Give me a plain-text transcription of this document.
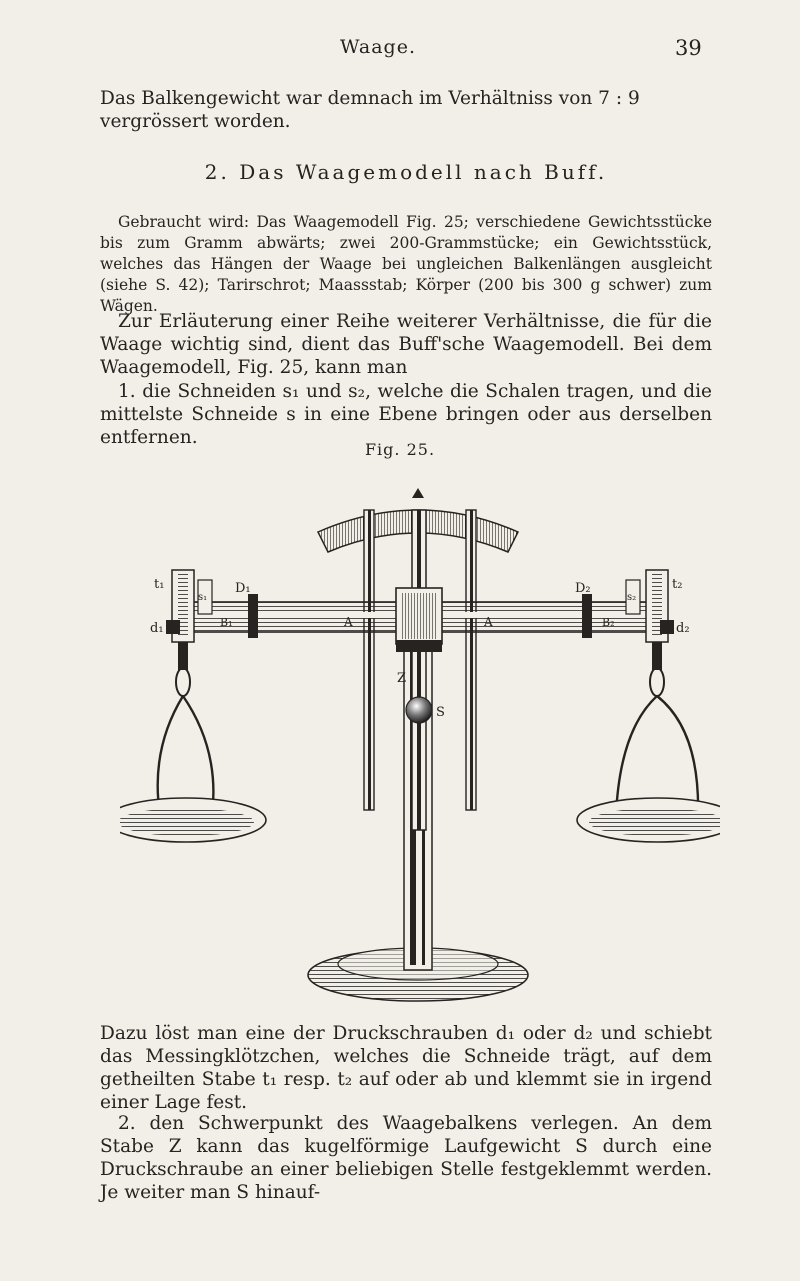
Waage.	39

Das Balkengewicht war demnach im Verhältniss von 7 : 9 vergrössert worden.

2. Das Waagemodell nach Buff.

Gebraucht wird: Das Waagemodell Fig. 25; verschiedene Gewichtsstücke bis zum Gramm abwärts; zwei 200-Grammstücke; ein Gewichtsstück, welches das Hängen der Waage bei ungleichen Balkenlängen ausgleicht (siehe S. 42); Tarirschrot; Maassstab; Körper (200 bis 300 g schwer) zum Wägen.

Zur Erläuterung einer Reihe weiterer Verhältnisse, die für die Waage wichtig sind, dient das Buff'sche Waagemodell. Bei dem Waagemodell, Fig. 25, kann man

1. die Schneiden s₁ und s₂, welche die Schalen tragen, und die mittelste Schneide s in eine Ebene bringen oder aus derselben entfernen.

Fig. 25.
D₁	D₂
t₁	t₂
s₁	s₂
d₁	d₂
B₁	B₂
A	A
Z
S

Dazu löst man eine der Druckschrauben d₁ oder d₂ und schiebt das Messingklötzchen, welches die Schneide trägt, auf dem getheilten Stabe t₁ resp. t₂ auf oder ab und klemmt sie in irgend einer Lage fest.

2. den Schwerpunkt des Waagebalkens verlegen. An dem Stabe Z kann das kugelförmige Laufgewicht S durch eine Druckschraube an einer beliebigen Stelle festgeklemmt werden. Je weiter man S hinauf-
